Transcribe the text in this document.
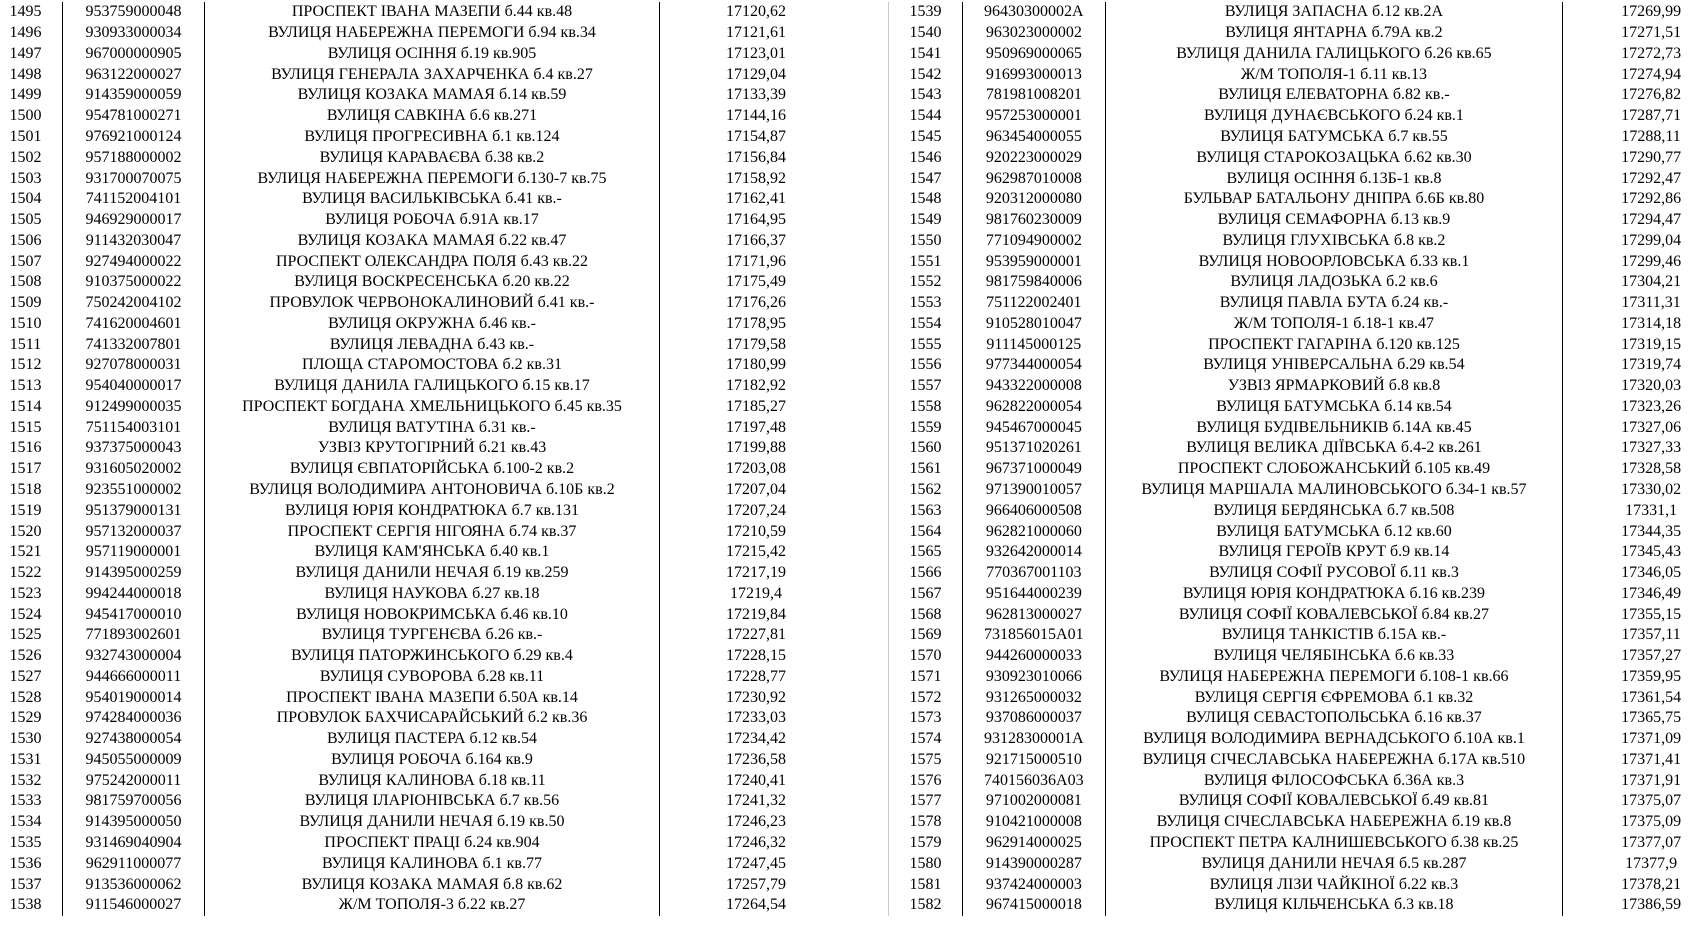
1495	953759000048	ПРОСПЕКТ ІВАНА МАЗЕПИ б.44 кв.48	17120,62
1496	930933000034	ВУЛИЦЯ НАБЕРЕЖНА ПЕРЕМОГИ б.94 кв.34	17121,61
1497	967000000905	ВУЛИЦЯ ОСІННЯ б.19 кв.905	17123,01
1498	963122000027	ВУЛИЦЯ ГЕНЕРАЛА ЗАХАРЧЕНКА б.4 кв.27	17129,04
1499	914359000059	ВУЛИЦЯ КОЗАКА МАМАЯ б.14 кв.59	17133,39
1500	954781000271	ВУЛИЦЯ САВКІНА б.6 кв.271	17144,16
1501	976921000124	ВУЛИЦЯ ПРОГРЕСИВНА б.1 кв.124	17154,87
1502	957188000002	ВУЛИЦЯ КАРАВАЄВА б.38 кв.2	17156,84
1503	931700070075	ВУЛИЦЯ НАБЕРЕЖНА ПЕРЕМОГИ б.130-7 кв.75	17158,92
1504	741152004101	ВУЛИЦЯ ВАСИЛЬКІВСЬКА б.41 кв.-	17162,41
1505	946929000017	ВУЛИЦЯ РОБОЧА б.91А кв.17	17164,95
1506	911432030047	ВУЛИЦЯ КОЗАКА МАМАЯ б.22 кв.47	17166,37
1507	927494000022	ПРОСПЕКТ ОЛЕКСАНДРА ПОЛЯ б.43 кв.22	17171,96
1508	910375000022	ВУЛИЦЯ ВОСКРЕСЕНСЬКА б.20 кв.22	17175,49
1509	750242004102	ПРОВУЛОК ЧЕРВОНОКАЛИНОВИЙ б.41 кв.-	17176,26
1510	741620004601	ВУЛИЦЯ ОКРУЖНА б.46 кв.-	17178,95
1511	741332007801	ВУЛИЦЯ ЛЕВАДНА б.43 кв.-	17179,58
1512	927078000031	ПЛОЩА СТАРОМОСТОВА б.2 кв.31	17180,99
1513	954040000017	ВУЛИЦЯ ДАНИЛА ГАЛИЦЬКОГО б.15 кв.17	17182,92
1514	912499000035	ПРОСПЕКТ БОГДАНА ХМЕЛЬНИЦЬКОГО б.45 кв.35	17185,27
1515	751154003101	ВУЛИЦЯ ВАТУТІНА б.31 кв.-	17197,48
1516	937375000043	УЗВІЗ КРУТОГІРНИЙ б.21 кв.43	17199,88
1517	931605020002	ВУЛИЦЯ ЄВПАТОРІЙСЬКА б.100-2 кв.2	17203,08
1518	923551000002	ВУЛИЦЯ ВОЛОДИМИРА АНТОНОВИЧА б.10Б кв.2	17207,04
1519	951379000131	ВУЛИЦЯ ЮРІЯ КОНДРАТЮКА б.7 кв.131	17207,24
1520	957132000037	ПРОСПЕКТ СЕРГІЯ НІГОЯНА б.74 кв.37	17210,59
1521	957119000001	ВУЛИЦЯ КАМ'ЯНСЬКА б.40 кв.1	17215,42
1522	914395000259	ВУЛИЦЯ ДАНИЛИ НЕЧАЯ б.19 кв.259	17217,19
1523	994244000018	ВУЛИЦЯ НАУКОВА б.27 кв.18	17219,4
1524	945417000010	ВУЛИЦЯ НОВОКРИМСЬКА б.46 кв.10	17219,84
1525	771893002601	ВУЛИЦЯ ТУРГЕНЄВА б.26 кв.-	17227,81
1526	932743000004	ВУЛИЦЯ ПАТОРЖИНСЬКОГО б.29 кв.4	17228,15
1527	944666000011	ВУЛИЦЯ СУВОРОВА б.28 кв.11	17228,77
1528	954019000014	ПРОСПЕКТ ІВАНА МАЗЕПИ б.50А кв.14	17230,92
1529	974284000036	ПРОВУЛОК БАХЧИСАРАЙСЬКИЙ б.2 кв.36	17233,03
1530	927438000054	ВУЛИЦЯ ПАСТЕРА б.12 кв.54	17234,42
1531	945055000009	ВУЛИЦЯ РОБОЧА б.164 кв.9	17236,58
1532	975242000011	ВУЛИЦЯ КАЛИНОВА б.18 кв.11	17240,41
1533	981759700056	ВУЛИЦЯ ІЛАРІОНІВСЬКА б.7 кв.56	17241,32
1534	914395000050	ВУЛИЦЯ ДАНИЛИ НЕЧАЯ б.19 кв.50	17246,23
1535	931469040904	ПРОСПЕКТ ПРАЦІ б.24 кв.904	17246,32
1536	962911000077	ВУЛИЦЯ КАЛИНОВА б.1 кв.77	17247,45
1537	913536000062	ВУЛИЦЯ КОЗАКА МАМАЯ б.8 кв.62	17257,79
1538	911546000027	Ж/М ТОПОЛЯ-3 б.22 кв.27	17264,54
1539	96430300002A	ВУЛИЦЯ ЗАПАСНА б.12 кв.2А	17269,99
1540	963023000002	ВУЛИЦЯ ЯНТАРНА б.79А кв.2	17271,51
1541	950969000065	ВУЛИЦЯ ДАНИЛА ГАЛИЦЬКОГО б.26 кв.65	17272,73
1542	916993000013	Ж/М ТОПОЛЯ-1 б.11 кв.13	17274,94
1543	781981008201	ВУЛИЦЯ ЕЛЕВАТОРНА б.82 кв.-	17276,82
1544	957253000001	ВУЛИЦЯ ДУНАЄВСЬКОГО б.24 кв.1	17287,71
1545	963454000055	ВУЛИЦЯ БАТУМСЬКА б.7 кв.55	17288,11
1546	920223000029	ВУЛИЦЯ СТАРОКОЗАЦЬКА б.62 кв.30	17290,77
1547	962987010008	ВУЛИЦЯ ОСІННЯ б.13Б-1 кв.8	17292,47
1548	920312000080	БУЛЬВАР БАТАЛЬОНУ ДНІПРА б.6Б кв.80	17292,86
1549	981760230009	ВУЛИЦЯ СЕМАФОРНА б.13 кв.9	17294,47
1550	771094900002	ВУЛИЦЯ ГЛУХІВСЬКА б.8 кв.2	17299,04
1551	953959000001	ВУЛИЦЯ НОВООРЛОВСЬКА б.33 кв.1	17299,46
1552	981759840006	ВУЛИЦЯ ЛАДОЗЬКА б.2 кв.6	17304,21
1553	751122002401	ВУЛИЦЯ ПАВЛА БУТА б.24 кв.-	17311,31
1554	910528010047	Ж/М ТОПОЛЯ-1 б.18-1 кв.47	17314,18
1555	911145000125	ПРОСПЕКТ ГАГАРІНА б.120 кв.125	17319,15
1556	977344000054	ВУЛИЦЯ УНІВЕРСАЛЬНА б.29 кв.54	17319,74
1557	943322000008	УЗВІЗ ЯРМАРКОВИЙ б.8 кв.8	17320,03
1558	962822000054	ВУЛИЦЯ БАТУМСЬКА б.14 кв.54	17323,26
1559	945467000045	ВУЛИЦЯ БУДІВЕЛЬНИКІВ б.14А кв.45	17327,06
1560	951371020261	ВУЛИЦЯ ВЕЛИКА ДІЇВСЬКА б.4-2 кв.261	17327,33
1561	967371000049	ПРОСПЕКТ СЛОБОЖАНСЬКИЙ б.105 кв.49	17328,58
1562	971390010057	ВУЛИЦЯ МАРШАЛА МАЛИНОВСЬКОГО б.34-1 кв.57	17330,02
1563	966406000508	ВУЛИЦЯ БЕРДЯНСЬКА б.7 кв.508	17331,1
1564	962821000060	ВУЛИЦЯ БАТУМСЬКА б.12 кв.60	17344,35
1565	932642000014	ВУЛИЦЯ ГЕРОЇВ КРУТ б.9 кв.14	17345,43
1566	770367001103	ВУЛИЦЯ СОФІЇ РУСОВОЇ б.11 кв.3	17346,05
1567	951644000239	ВУЛИЦЯ ЮРІЯ КОНДРАТЮКА б.16 кв.239	17346,49
1568	962813000027	ВУЛИЦЯ СОФІЇ КОВАЛЕВСЬКОЇ б.84 кв.27	17355,15
1569	731856015A01	ВУЛИЦЯ ТАНКІСТІВ б.15А кв.-	17357,11
1570	944260000033	ВУЛИЦЯ ЧЕЛЯБІНСЬКА б.6 кв.33	17357,27
1571	930923010066	ВУЛИЦЯ НАБЕРЕЖНА ПЕРЕМОГИ б.108-1 кв.66	17359,95
1572	931265000032	ВУЛИЦЯ СЕРГІЯ ЄФРЕМОВА б.1 кв.32	17361,54
1573	937086000037	ВУЛИЦЯ СЕВАСТОПОЛЬСЬКА б.16 кв.37	17365,75
1574	93128300001A	ВУЛИЦЯ ВОЛОДИМИРА ВЕРНАДСЬКОГО б.10А кв.1	17371,09
1575	921715000510	ВУЛИЦЯ СІЧЕСЛАВСЬКА НАБЕРЕЖНА б.17А кв.510	17371,41
1576	740156036A03	ВУЛИЦЯ ФІЛОСОФСЬКА б.36А кв.3	17371,91
1577	971002000081	ВУЛИЦЯ СОФІЇ КОВАЛЕВСЬКОЇ б.49 кв.81	17375,07
1578	910421000008	ВУЛИЦЯ СІЧЕСЛАВСЬКА НАБЕРЕЖНА б.19 кв.8	17375,09
1579	962914000025	ПРОСПЕКТ ПЕТРА КАЛНИШЕВСЬКОГО б.38 кв.25	17377,07
1580	914390000287	ВУЛИЦЯ ДАНИЛИ НЕЧАЯ б.5 кв.287	17377,9
1581	937424000003	ВУЛИЦЯ ЛІЗИ ЧАЙКІНОЇ б.22 кв.3	17378,21
1582	967415000018	ВУЛИЦЯ КІЛЬЧЕНСЬКА б.3 кв.18	17386,59
